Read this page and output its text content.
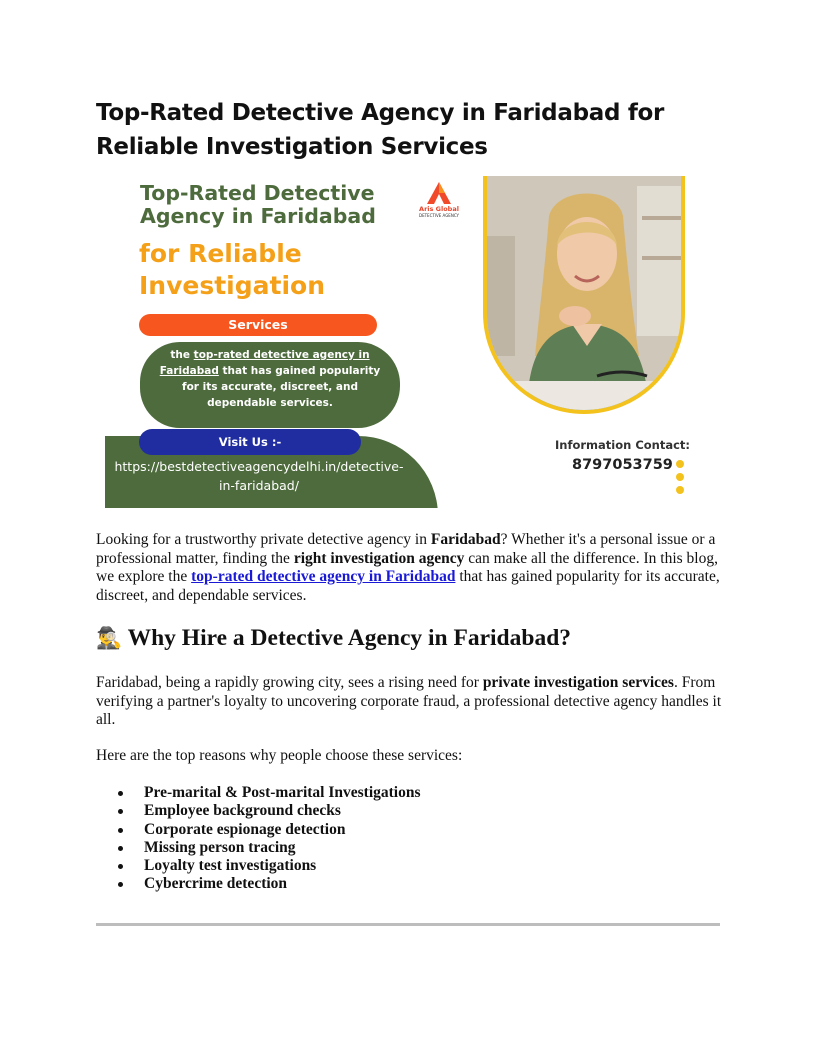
Top-Rated Detective Agency in Faridabad for Reliable Investigation Services
Top-Rated Detective Agency in Faridabad
for Reliable Investigation
Services
the top-rated detective agency in Faridabad that has gained popularity for its accurate, discreet, and dependable services.
Visit Us :-
https://bestdetectiveagencydelhi.in/detective-in-faridabad/
Aris Global
DETECTIVE AGENCY
Information Contact:
8797053759

Looking for a trustworthy private detective agency in Faridabad? Whether it's a personal issue or a professional matter, finding the right investigation agency can make all the difference. In this blog, we explore the top-rated detective agency in Faridabad that has gained popularity for its accurate, discreet, and dependable services.

🕵️‍♂️ Why Hire a Detective Agency in Faridabad?

Faridabad, being a rapidly growing city, sees a rising need for private investigation services. From verifying a partner's loyalty to uncovering corporate fraud, a professional detective agency handles it all.

Here are the top reasons why people choose these services:

Pre-marital & Post-marital Investigations
Employee background checks
Corporate espionage detection
Missing person tracing
Loyalty test investigations
Cybercrime detection
